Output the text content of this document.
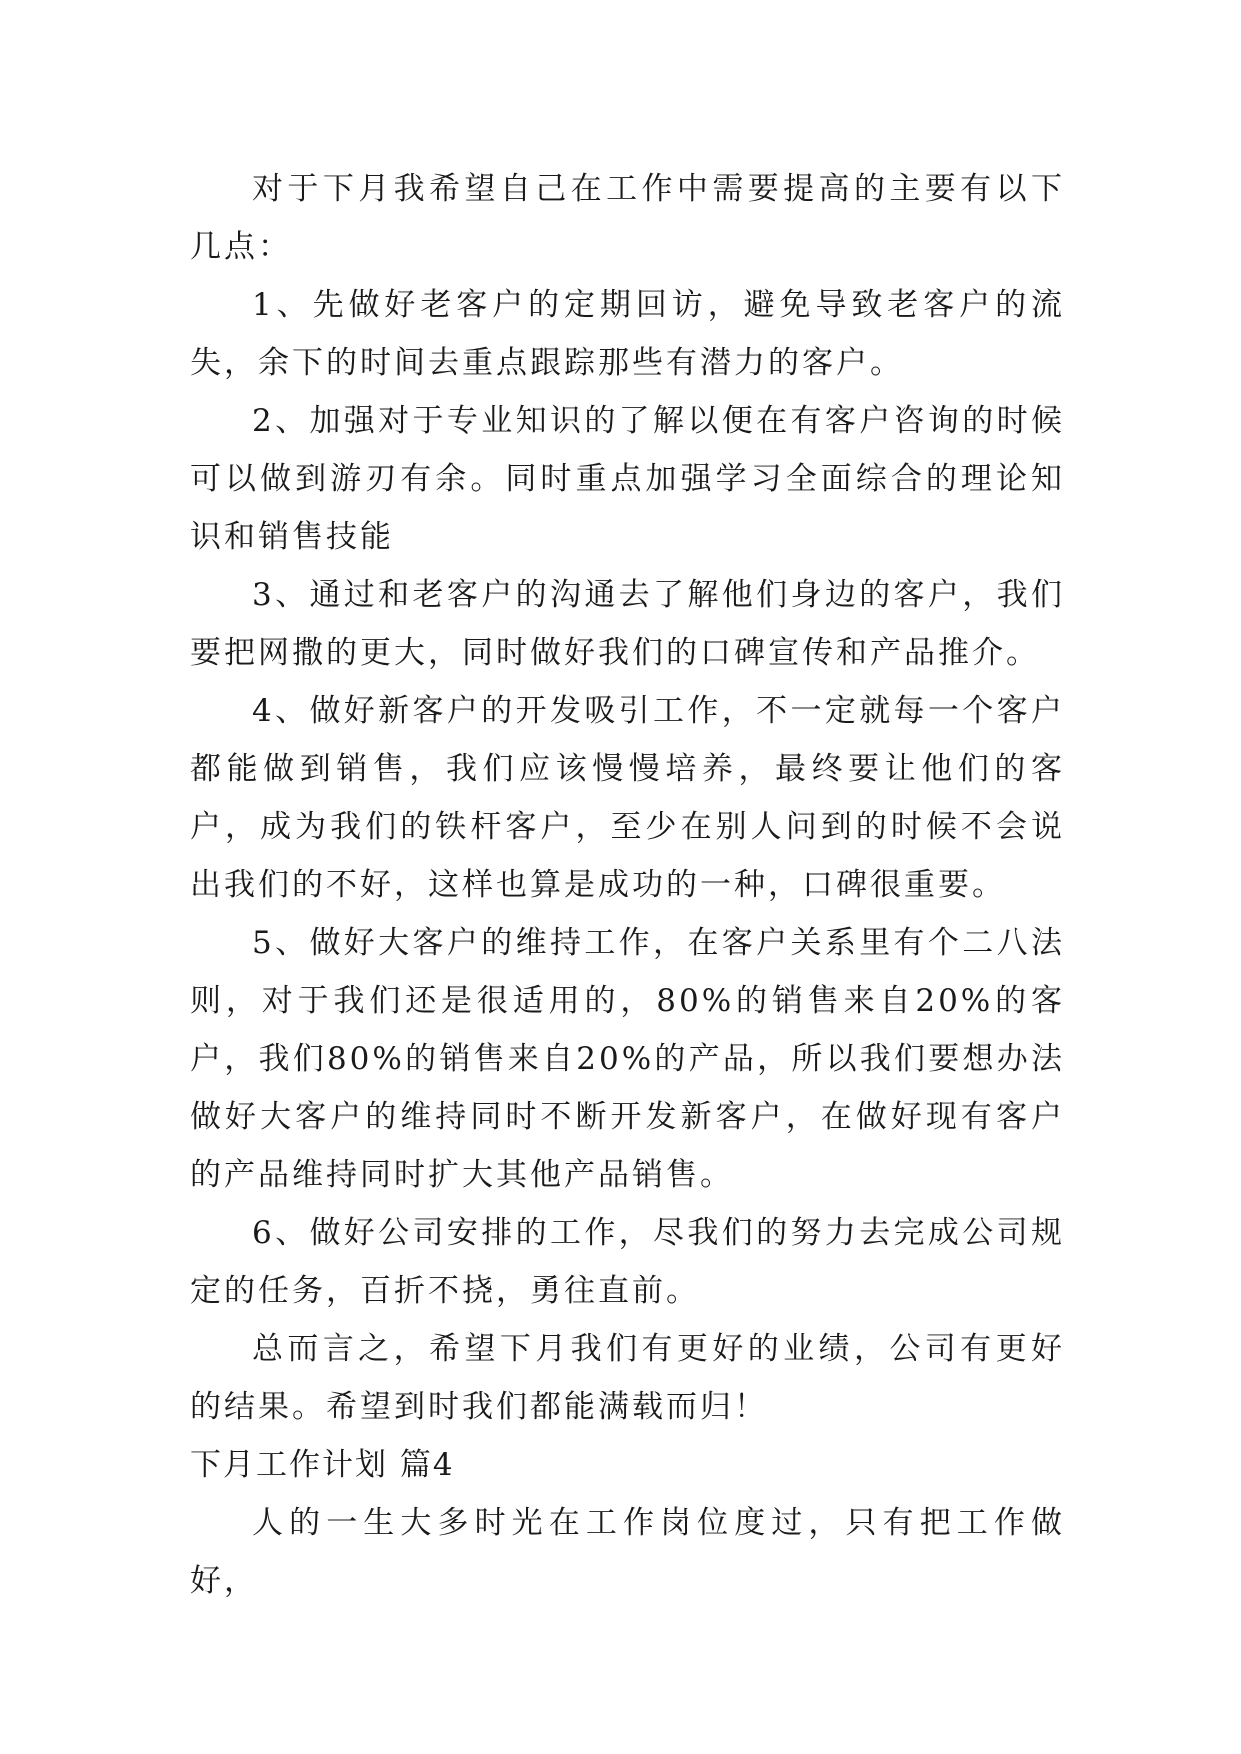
对于下月我希望自己在工作中需要提高的主要有以下几点：

1、先做好老客户的定期回访，避免导致老客户的流失，余下的时间去重点跟踪那些有潜力的客户。

2、加强对于专业知识的了解以便在有客户咨询的时候可以做到游刃有余。同时重点加强学习全面综合的理论知识和销售技能

3、通过和老客户的沟通去了解他们身边的客户，我们要把网撒的更大，同时做好我们的口碑宣传和产品推介。

4、做好新客户的开发吸引工作，不一定就每一个客户都能做到销售，我们应该慢慢培养，最终要让他们的客户，成为我们的铁杆客户，至少在别人问到的时候不会说出我们的不好，这样也算是成功的一种，口碑很重要。

5、做好大客户的维持工作，在客户关系里有个二八法则，对于我们还是很适用的，80%的销售来自20%的客户，我们80%的销售来自20%的产品，所以我们要想办法做好大客户的维持同时不断开发新客户，在做好现有客户的产品维持同时扩大其他产品销售。

6、做好公司安排的工作，尽我们的努力去完成公司规定的任务，百折不挠，勇往直前。

总而言之，希望下月我们有更好的业绩，公司有更好的结果。希望到时我们都能满载而归！

下月工作计划 篇4

人的一生大多时光在工作岗位度过，只有把工作做好，
